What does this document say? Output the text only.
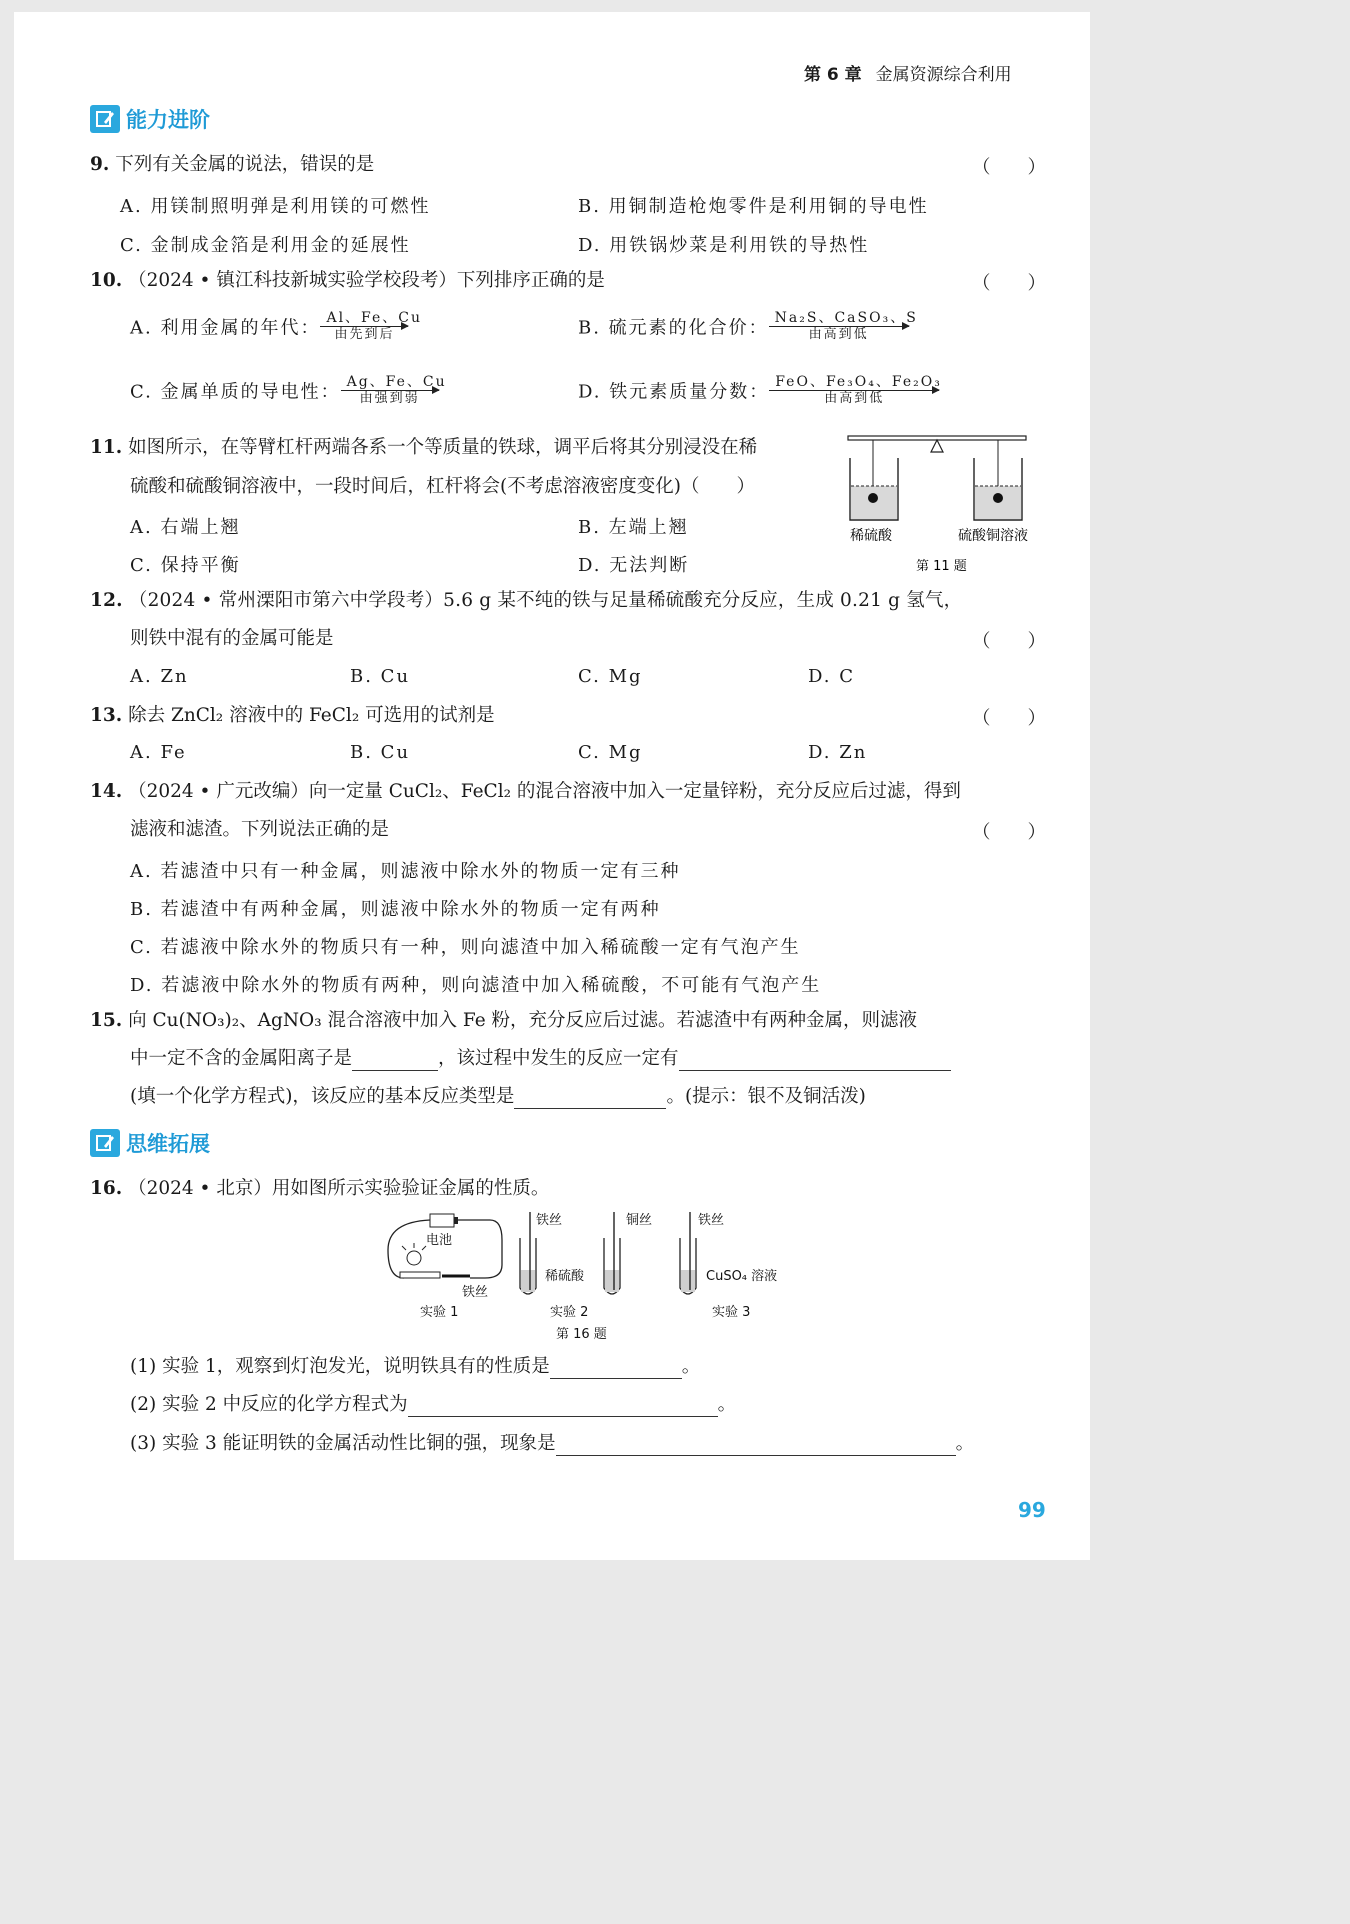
第 6 章 金属资源综合利用
能力进阶
9. 下列有关金属的说法，错误的是	（　　）
A. 用镁制照明弹是利用镁的可燃性	B. 用铜制造枪炮零件是利用铜的导电性
C. 金制成金箔是利用金的延展性	D. 用铁锅炒菜是利用铁的导热性
10. （2024 • 镇江科技新城实验学校段考）下列排序正确的是	（　　）
A. 利用金属的年代： Al、Fe、Cu
由先到后	B. 硫元素的化合价： Na₂S、CaSO₃、S
由高到低
C. 金属单质的导电性： Ag、Fe、Cu
由强到弱	D. 铁元素质量分数： FeO、Fe₃O₄、Fe₂O₃
由高到低
11. 如图所示，在等臂杠杆两端各系一个等质量的铁球，调平后将其分别浸没在稀
硫酸和硫酸铜溶液中，一段时间后，杠杆将会(不考虑溶液密度变化)（　　）
A. 右端上翘	B. 左端上翘
C. 保持平衡	D. 无法判断
稀硫酸	硫酸铜溶液
第 11 题
12. （2024 • 常州溧阳市第六中学段考）5.6 g 某不纯的铁与足量稀硫酸充分反应，生成 0.21 g 氢气，
则铁中混有的金属可能是	（　　）
A. Zn	B. Cu	C. Mg	D. C
13. 除去 ZnCl₂ 溶液中的 FeCl₂ 可选用的试剂是	（　　）
A. Fe	B. Cu	C. Mg	D. Zn
14. （2024 • 广元改编）向一定量 CuCl₂、FeCl₂ 的混合溶液中加入一定量锌粉，充分反应后过滤，得到
滤液和滤渣。下列说法正确的是	（　　）
A. 若滤渣中只有一种金属，则滤液中除水外的物质一定有三种
B. 若滤渣中有两种金属，则滤液中除水外的物质一定有两种
C. 若滤液中除水外的物质只有一种，则向滤渣中加入稀硫酸一定有气泡产生
D. 若滤液中除水外的物质有两种，则向滤渣中加入稀硫酸，不可能有气泡产生
15. 向 Cu(NO₃)₂、AgNO₃ 混合溶液中加入 Fe 粉，充分反应后过滤。若滤渣中有两种金属，则滤液
中一定不含的金属阳离子是	，该过程中发生的反应一定有
(填一个化学方程式)，该反应的基本反应类型是	。(提示：银不及铜活泼)
思维拓展
16. （2024 • 北京）用如图所示实验验证金属的性质。
电池
铁丝
实验 1
铁丝
稀硫酸
铜丝
实验 2
铁丝
CuSO₄ 溶液
实验 3
第 16 题
(1) 实验 1，观察到灯泡发光，说明铁具有的性质是	。
(2) 实验 2 中反应的化学方程式为	。
(3) 实验 3 能证明铁的金属活动性比铜的强，现象是	。
99
